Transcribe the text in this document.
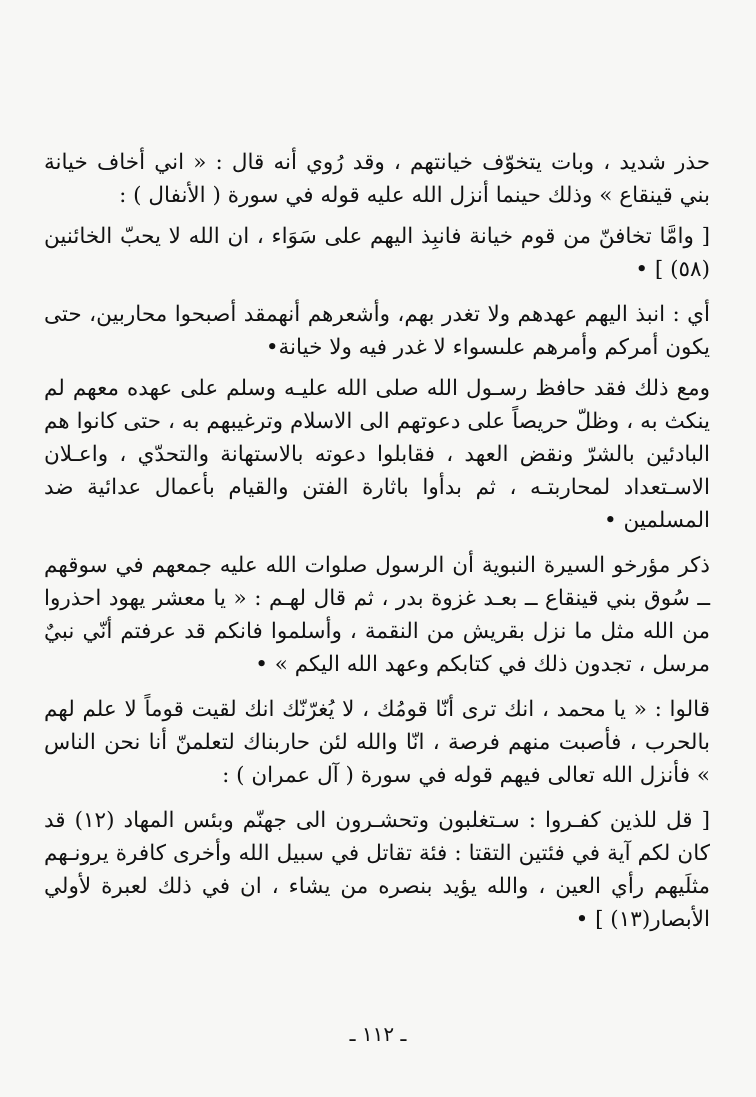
حذر شديد ، وبات يتخوّف خيانتهم ، وقد رُوي أنه قال : « اني أخاف خيانة بني قينقاع » وذلك حينما أنزل الله عليه قوله في سورة ( الأنفال ) :

[ وامَّا تخافنّ من قوم خيانة فانبِذ اليهم على سَوَاء ، ان الله لا يحبّ الخائنين (٥٨) ] •

أي : انبذ اليهم عهدهم ولا تغدر بهم، وأشعرهم أنهمقد أصبحوا محاربين، حتى يكون أمركم وأمرهم علىسواء لا غدر فيه ولا خيانة•

ومع ذلك فقد حافظ رسـول الله صلى الله عليـه وسلم على عهده معهم لم ينكث به ، وظلّ حريصاً على دعوتهم الى الاسلام وترغيبهم به ، حتى كانوا هم البادئين بالشرّ ونقض العهد ، فقابلوا دعوته بالاستهانة والتحدّي ، واعـلان الاسـتعداد لمحاربتـه ، ثم بدأوا باثارة الفتن والقيام بأعمال عدائية ضد المسلمين •

ذكر مؤرخو السيرة النبوية أن الرسول صلوات الله عليه جمعهم في سوقهم ــ سُوق بني قينقاع ــ بعـد غزوة بدر ، ثم قال لهـم : « يا معشر يهود احذروا من الله مثل ما نزل بقريش من النقمة ، وأسلموا فانكم قد عرفتم أنّي نبيٌ مرسل ، تجدون ذلك في كتابكم وعهد الله اليكم » •

قالوا : « يا محمد ، انك ترى أنّا قومُك ، لا يُغرّنّك انك لقيت قوماً لا علم لهم بالحرب ، فأصبت منهم فرصة ، انّا والله لئن حاربناك لتعلمنّ أنا نحن الناس » فأنزل الله تعالى فيهم قوله في سورة ( آل عمران ) :

[ قل للذين كفـروا : سـتغلبون وتحشـرون الى جهنّم وبئس المهاد (١٢) قد كان لكم آية في فئتين التقتا : فئة تقاتل في سبيل الله وأخرى كافرة يرونـهم مثلَيهم رأي العين ، والله يؤيد بنصره من يشاء ، ان في ذلك لعبرة لأولي الأبصار(١٣) ] •

ـ ١١٢ ـ
